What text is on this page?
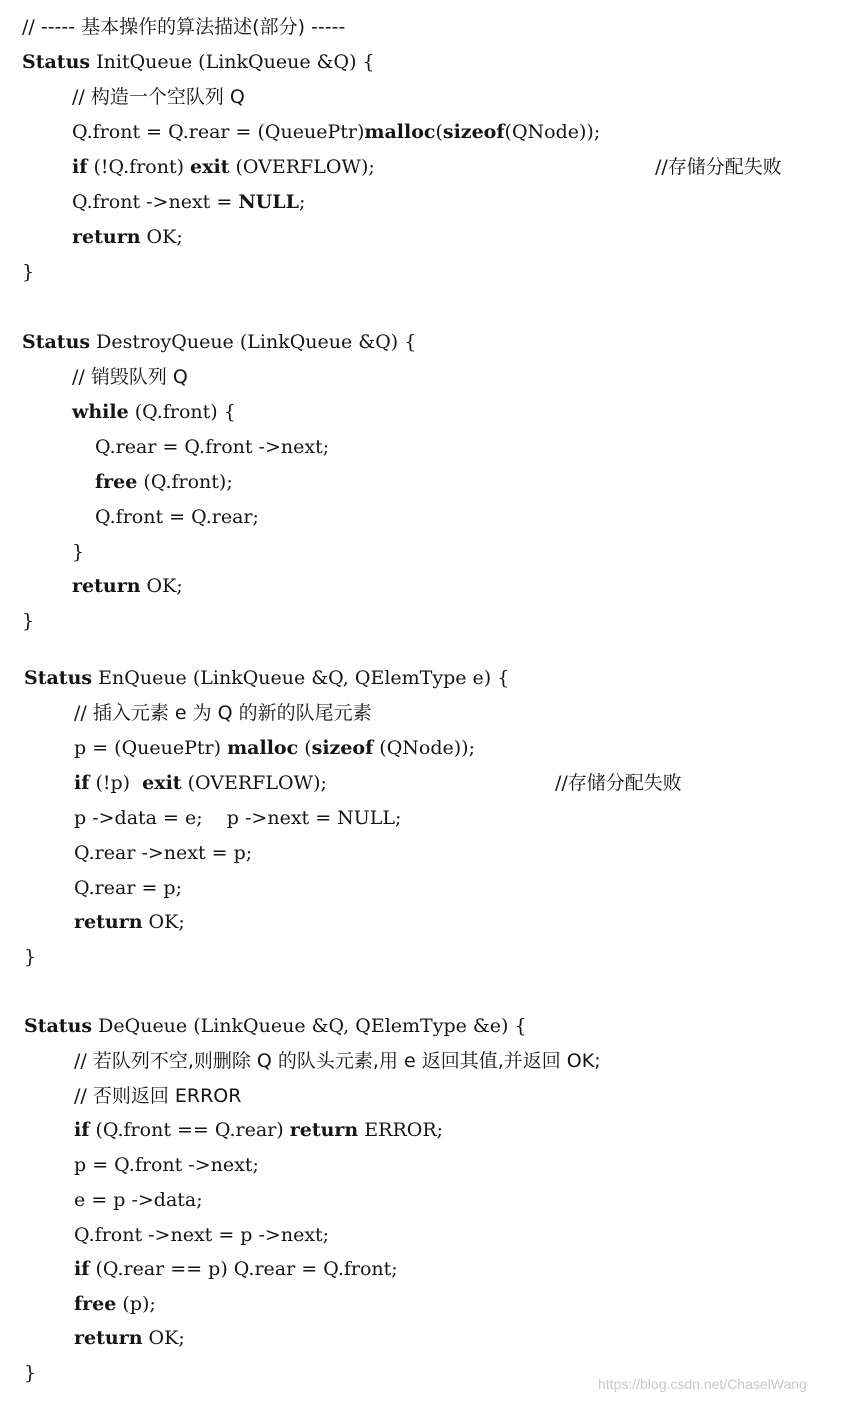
// ----- 基本操作的算法描述(部分) -----
Status InitQueue (LinkQueue &Q) {
// 构造一个空队列 Q
Q.front = Q.rear = (QueuePtr)malloc(sizeof(QNode));
if (!Q.front) exit (OVERFLOW);	//存储分配失败
Q.front ->next = NULL;
return OK;
}
Status DestroyQueue (LinkQueue &Q) {
// 销毁队列 Q
while (Q.front) {
Q.rear = Q.front ->next;
free (Q.front);
Q.front = Q.rear;
}
return OK;
}
Status EnQueue (LinkQueue &Q, QElemType e) {
// 插入元素 e 为 Q 的新的队尾元素
p = (QueuePtr) malloc (sizeof (QNode));
if (!p)  exit (OVERFLOW);	//存储分配失败
p ->data = e;    p ->next = NULL;
Q.rear ->next = p;
Q.rear = p;
return OK;
}
Status DeQueue (LinkQueue &Q, QElemType &e) {
// 若队列不空,则删除 Q 的队头元素,用 e 返回其值,并返回 OK;
// 否则返回 ERROR
if (Q.front == Q.rear) return ERROR;
p = Q.front ->next;
e = p ->data;
Q.front ->next = p ->next;
if (Q.rear == p) Q.rear = Q.front;
free (p);
return OK;
}	https://blog.csdn.net/ChaselWang
